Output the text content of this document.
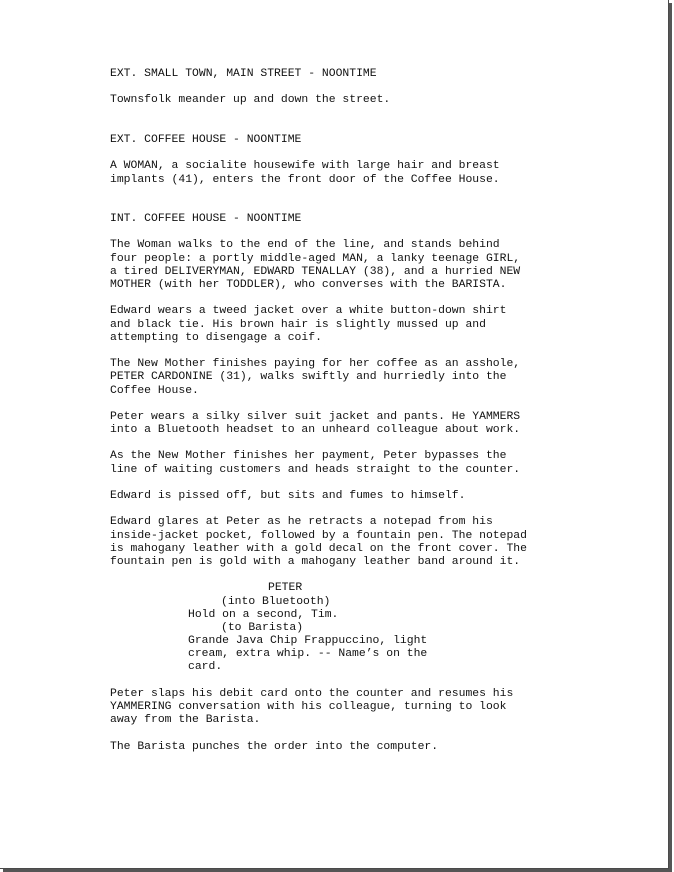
EXT. SMALL TOWN, MAIN STREET - NOONTIME
Townsfolk meander up and down the street.
EXT. COFFEE HOUSE - NOONTIME
A WOMAN, a socialite housewife with large hair and breast
implants (41), enters the front door of the Coffee House.
INT. COFFEE HOUSE - NOONTIME
The Woman walks to the end of the line, and stands behind
four people: a portly middle-aged MAN, a lanky teenage GIRL,
a tired DELIVERYMAN, EDWARD TENALLAY (38), and a hurried NEW
MOTHER (with her TODDLER), who converses with the BARISTA.
Edward wears a tweed jacket over a white button-down shirt
and black tie. His brown hair is slightly mussed up and
attempting to disengage a coif.
The New Mother finishes paying for her coffee as an asshole,
PETER CARDONINE (31), walks swiftly and hurriedly into the
Coffee House.
Peter wears a silky silver suit jacket and pants. He YAMMERS
into a Bluetooth headset to an unheard colleague about work.
As the New Mother finishes her payment, Peter bypasses the
line of waiting customers and heads straight to the counter.
Edward is pissed off, but sits and fumes to himself.
Edward glares at Peter as he retracts a notepad from his
inside-jacket pocket, followed by a fountain pen. The notepad
is mahogany leather with a gold decal on the front cover. The
fountain pen is gold with a mahogany leather band around it.
PETER
(into Bluetooth)
Hold on a second, Tim.
(to Barista)
Grande Java Chip Frappuccino, light
cream, extra whip. -- Name’s on the
card.
Peter slaps his debit card onto the counter and resumes his
YAMMERING conversation with his colleague, turning to look
away from the Barista.
The Barista punches the order into the computer.
